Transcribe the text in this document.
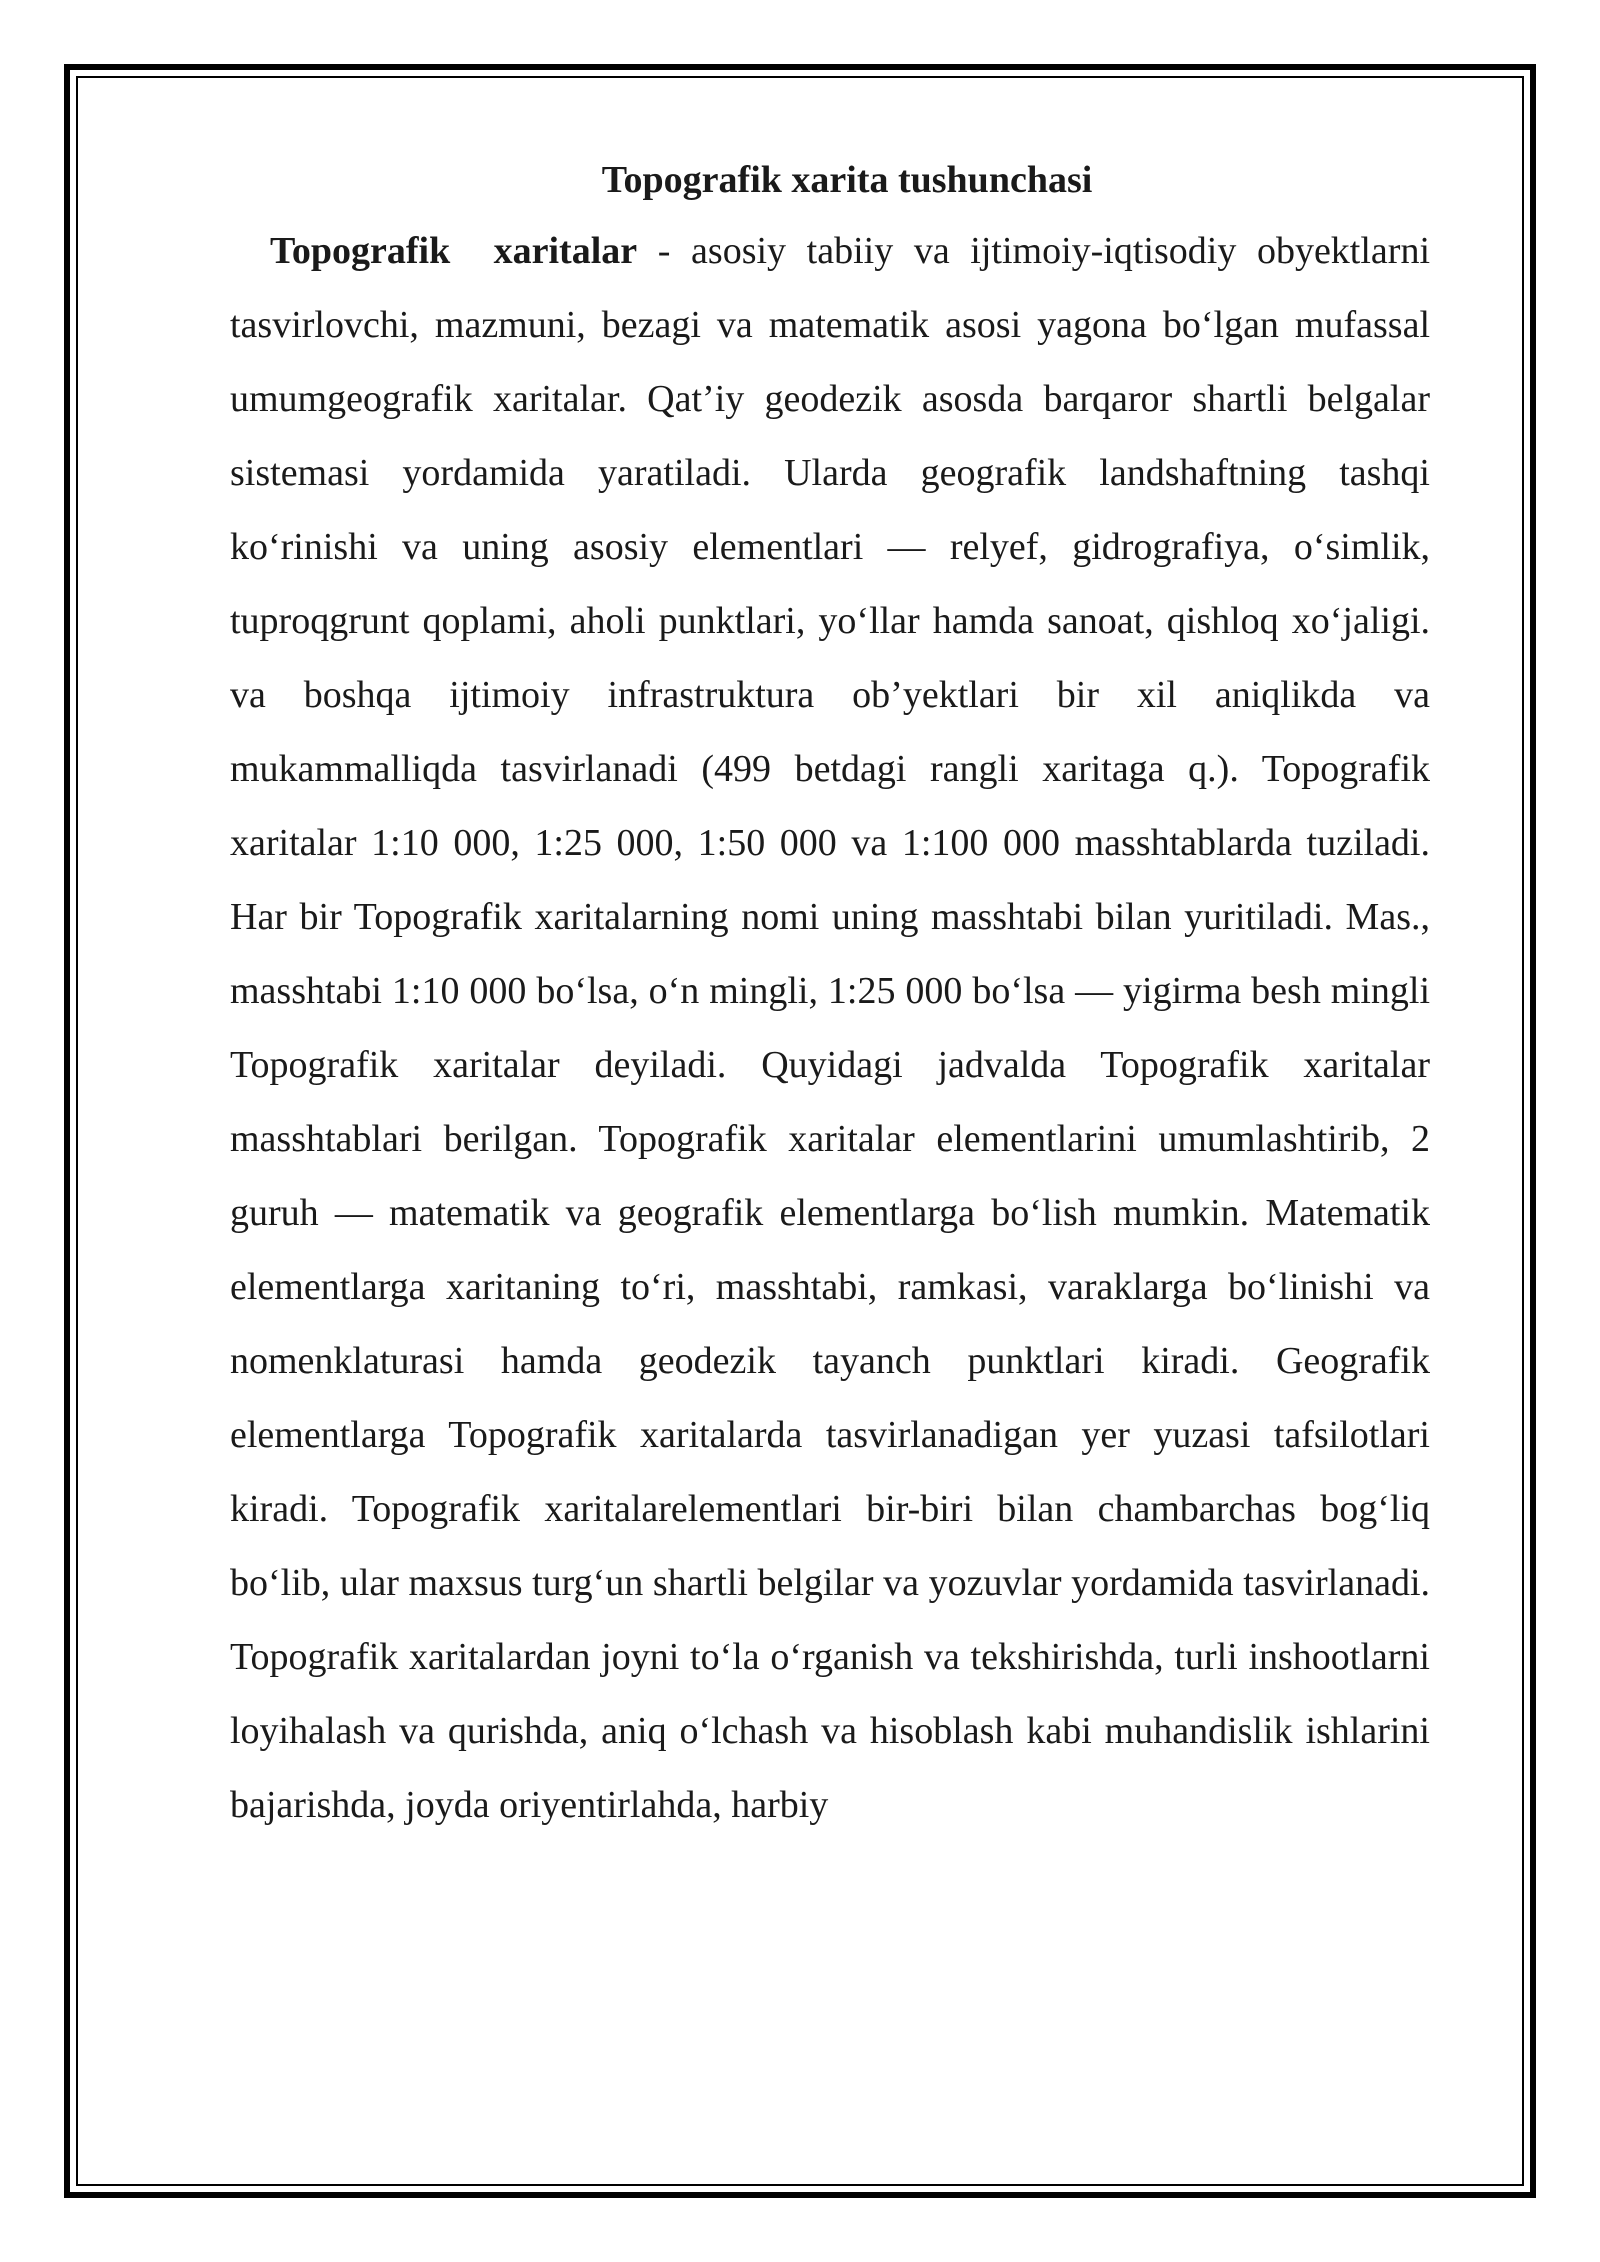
Topografik xarita tushunchasi

Topografik xaritalar - asosiy tabiiy va ijtimoiy-iqtisodiy obyektlarni tasvirlovchi, mazmuni, bezagi va matematik asosi yagona bo‘lgan mufassal umumgeografik xaritalar. Qat’iy geodezik asosda barqaror shartli belgalar sistemasi yordamida yaratiladi. Ularda geografik landshaftning tashqi ko‘rinishi va uning asosiy elementlari — relyef, gidrografiya, o‘simlik, tuproqgrunt qoplami, aholi punktlari, yo‘llar hamda sanoat, qishloq xo‘jaligi. va boshqa ijtimoiy infrastruktura ob’yektlari bir xil aniqlikda va mukammalliqda tasvirlanadi (499 betdagi rangli xaritaga q.). Topografik xaritalar 1:10 000, 1:25 000, 1:50 000 va 1:100 000 masshtablarda tuziladi. Har bir Topografik xaritalarning nomi uning masshtabi bilan yuritiladi. Mas., masshtabi 1:10 000 bo‘lsa, o‘n mingli, 1:25 000 bo‘lsa — yigirma besh mingli Topografik xaritalar deyiladi. Quyidagi jadvalda Topografik xaritalar masshtablari berilgan. Topografik xaritalar elementlarini umumlashtirib, 2 guruh — matematik va geografik elementlarga bo‘lish mumkin. Matematik elementlarga xaritaning to‘ri, masshtabi, ramkasi, varaklarga bo‘linishi va nomenklaturasi hamda geodezik tayanch punktlari kiradi. Geografik elementlarga Topografik xaritalarda tasvirlanadigan yer yuzasi tafsilotlari kiradi. Topografik xaritalarelementlari bir-biri bilan chambarchas bog‘liq bo‘lib, ular maxsus turg‘un shartli belgilar va yozuvlar yordamida tasvirlanadi. Topografik xaritalardan joyni to‘la o‘rganish va tekshirishda, turli inshootlarni loyihalash va qurishda, aniq o‘lchash va hisoblash kabi muhandislik ishlarini bajarishda, joyda oriyentirlahda, harbiy
